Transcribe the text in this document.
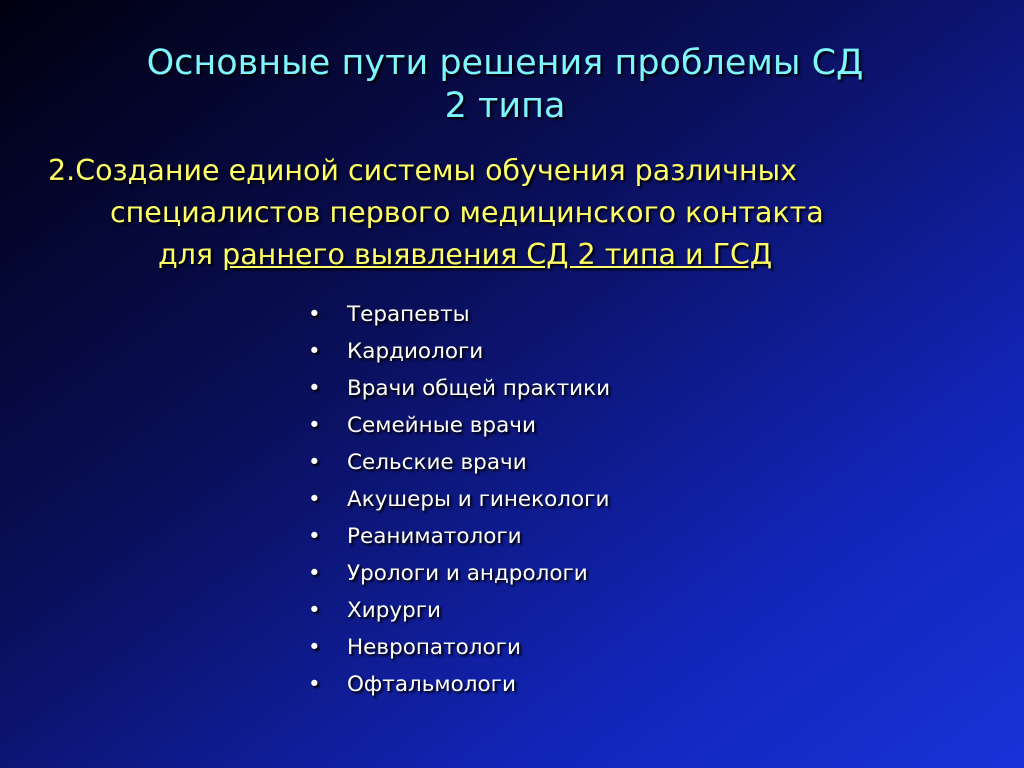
Основные пути решения проблемы СД
2 типа
2.Создание единой системы обучения различных
специалистов первого медицинского контакта
для раннего выявления СД 2 типа и ГСД
• Терапевты
• Кардиологи
• Врачи общей практики
• Семейные врачи
• Сельские врачи
• Акушеры и гинекологи
• Реаниматологи
• Урологи и андрологи
• Хирурги
• Невропатологи
• Офтальмологи
